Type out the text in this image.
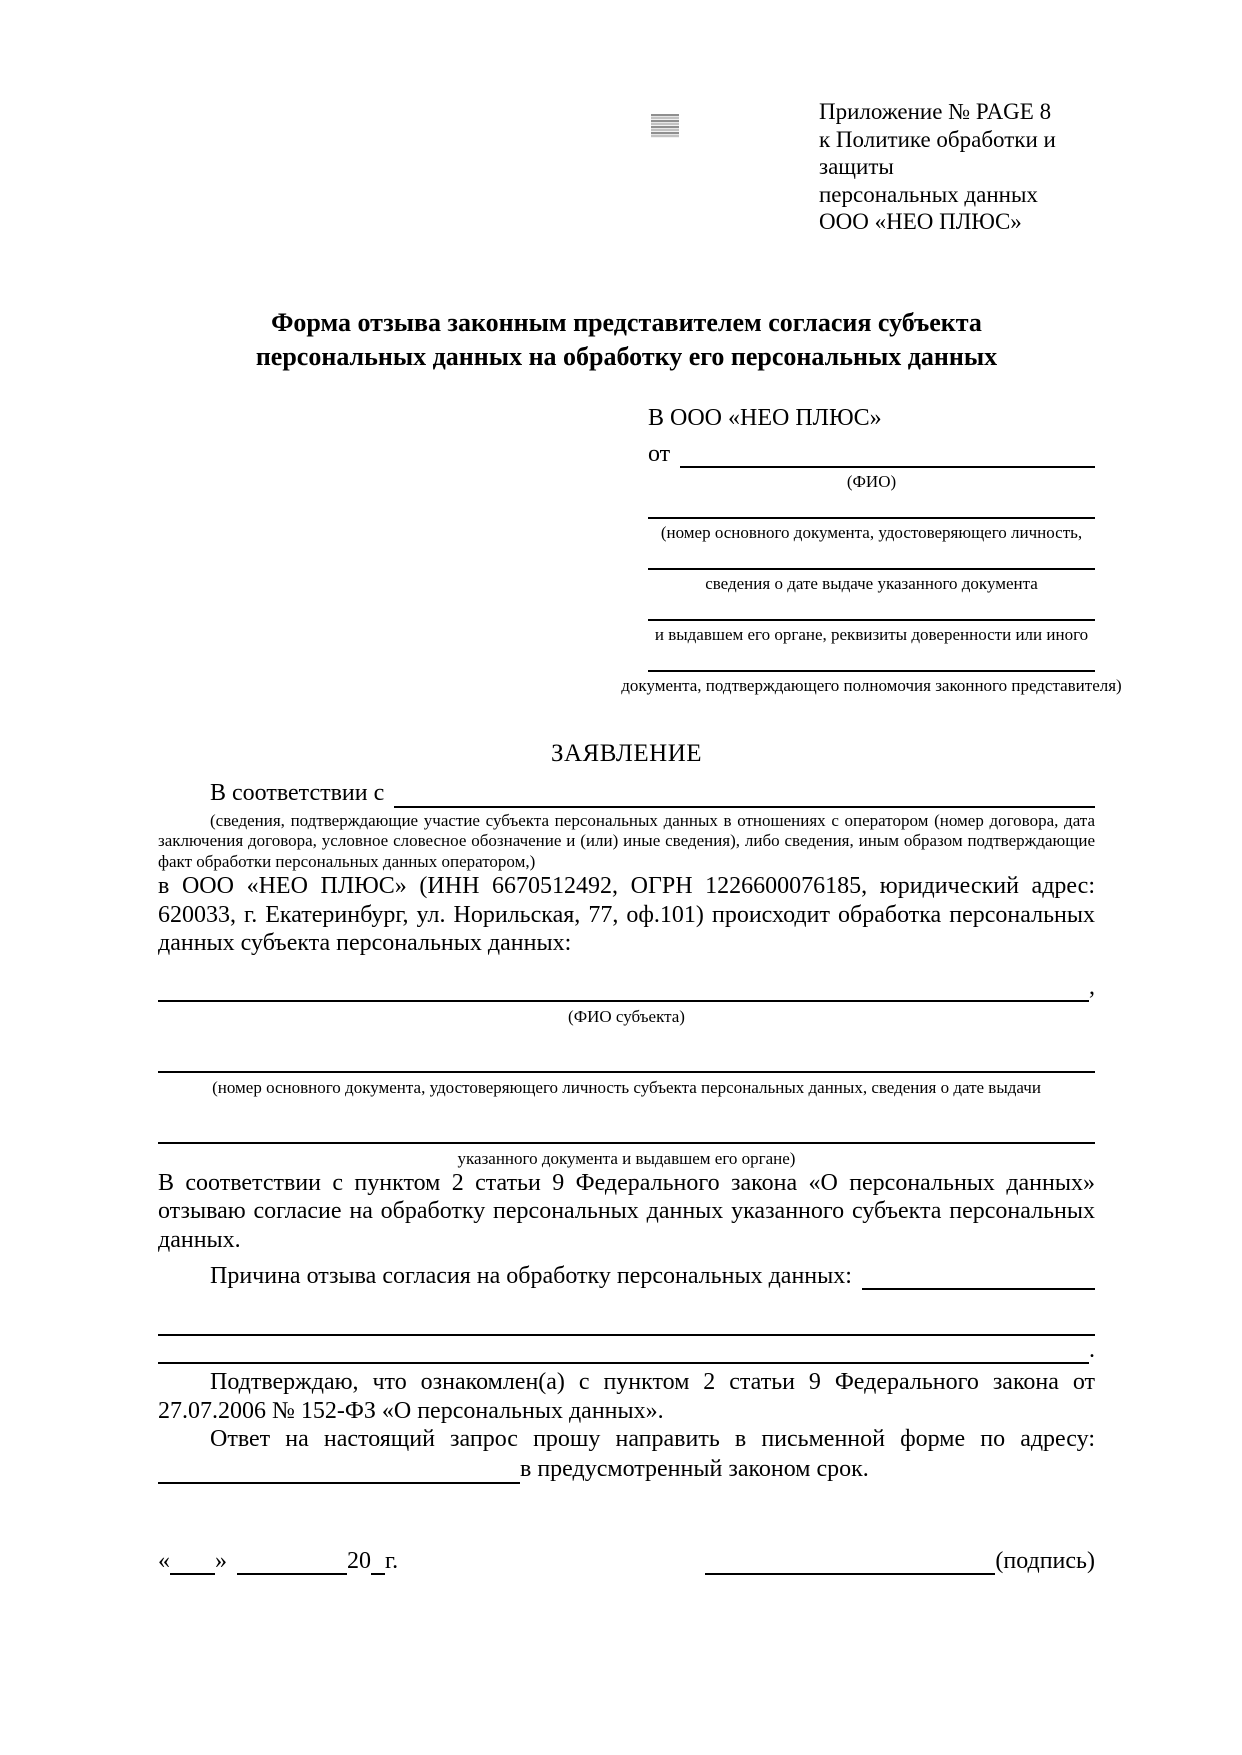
Приложение № PAGE 8
к Политике обработки и защиты
персональных данных
ООО «НЕО ПЛЮС»
Форма отзыва законным представителем согласия субъекта
персональных данных на обработку его персональных данных
В ООО «НЕО ПЛЮС»
от
(ФИО)
(номер основного документа, удостоверяющего личность,
сведения о дате выдаче указанного документа
и выдавшем его органе, реквизиты доверенности или иного
документа, подтверждающего полномочия законного представителя)
ЗАЯВЛЕНИЕ
В соответствии с
(сведения, подтверждающие участие субъекта персональных данных в отношениях с оператором (номер договора, дата заключения договора, условное словесное обозначение и (или) иные сведения), либо сведения, иным образом подтверждающие факт обработки персональных данных оператором,)
в ООО «НЕО ПЛЮС» (ИНН 6670512492, ОГРН 1226600076185, юридический адрес: 620033, г. Екатеринбург, ул. Норильская, 77, оф.101) происходит обработка персональных данных субъекта персональных данных:
,
(ФИО субъекта)
(номер основного документа, удостоверяющего личность субъекта персональных данных, сведения о дате выдачи
указанного документа и выдавшем его органе)
В соответствии с пунктом 2 статьи 9 Федерального закона «О персональных данных» отзываю согласие на обработку персональных данных указанного субъекта персональных данных.
Причина отзыва согласия на обработку персональных данных:
.
Подтверждаю, что ознакомлен(а) с пунктом 2 статьи 9 Федерального закона от 27.07.2006 № 152-ФЗ «О персональных данных».
Ответ на настоящий запрос прошу направить в письменной форме по адресу:
в предусмотренный законом срок.
« »	20 г.	(подпись)
